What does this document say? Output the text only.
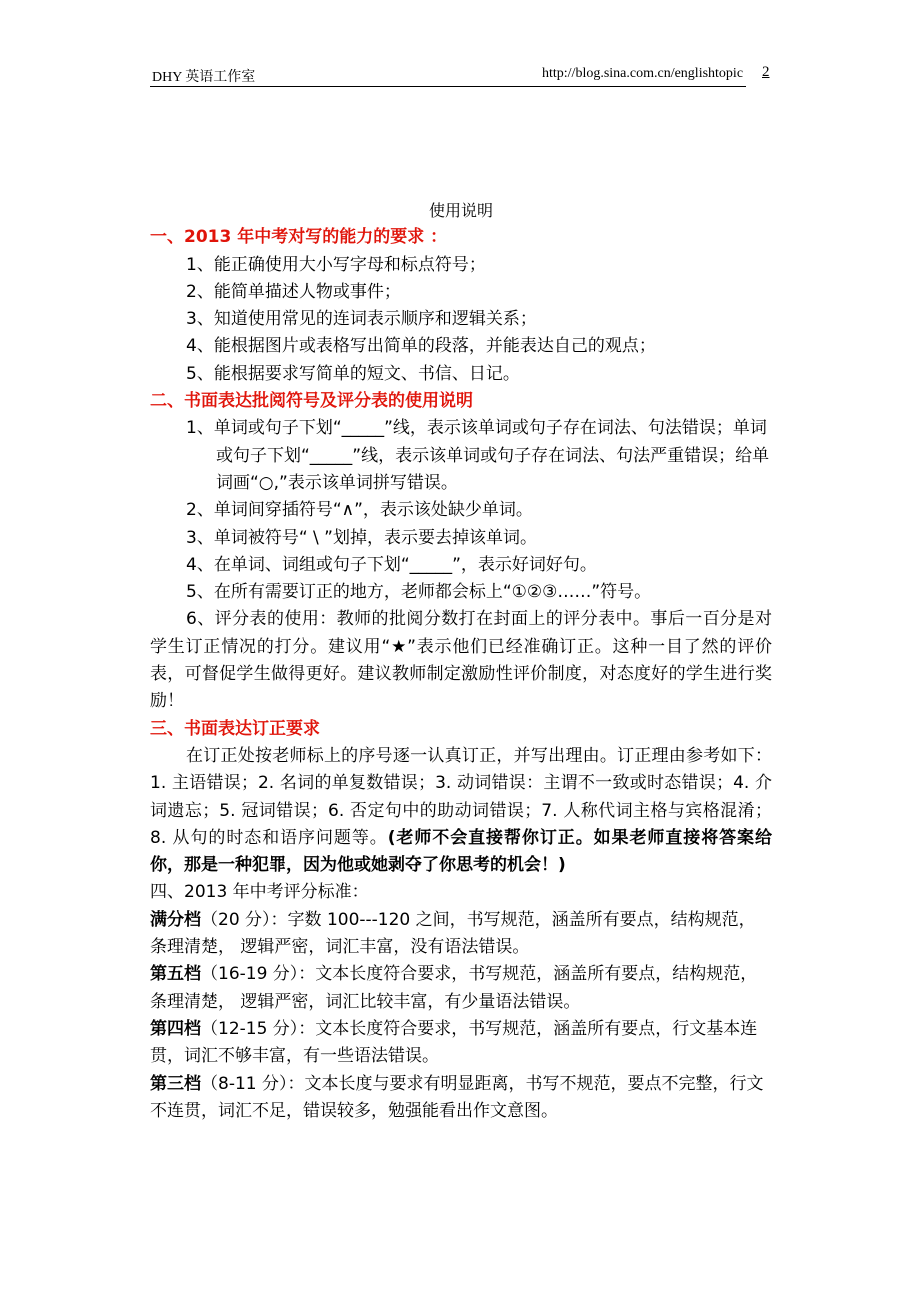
DHY 英语工作室	http://blog.sina.com.cn/englishtopic 2
使用说明
一、2013 年中考对写的能力的要求 ：
1、能正确使用大小写字母和标点符号；
2、能简单描述人物或事件；
3、知道使用常见的连词表示顺序和逻辑关系；
4、能根据图片或表格写出简单的段落，并能表达自己的观点；
5、能根据要求写简单的短文、书信、日记。
二、书面表达批阅符号及评分表的使用说明
1、单词或句子下划“_____”线，表示该单词或句子存在词法、句法错误；单词或句子下划“_____”线，表示该单词或句子存在词法、句法严重错误；给单词画“○,”表示该单词拼写错误。
2、单词间穿插符号“∧”，表示该处缺少单词。
3、单词被符号“ \ ”划掉，表示要去掉该单词。
4、在单词、词组或句子下划“_____”，表示好词好句。
5、在所有需要订正的地方，老师都会标上“①②③……”符号。
6、评分表的使用：教师的批阅分数打在封面上的评分表中。事后一百分是对学生订正情况的打分。建议用“★”表示他们已经准确订正。这种一目了然的评价表，可督促学生做得更好。建议教师制定激励性评价制度，对态度好的学生进行奖励！
三、书面表达订正要求
在订正处按老师标上的序号逐一认真订正，并写出理由。订正理由参考如下：1. 主语错误；2. 名词的单复数错误；3. 动词错误：主谓不一致或时态错误；4. 介词遗忘；5. 冠词错误；6. 否定句中的助动词错误；7. 人称代词主格与宾格混淆；8. 从句的时态和语序问题等。(老师不会直接帮你订正。如果老师直接将答案给你，那是一种犯罪，因为他或她剥夺了你思考的机会！)
四、2013 年中考评分标准：
满分档（20 分）：字数 100---120 之间，书写规范，涵盖所有要点，结构规范，条理清楚， 逻辑严密，词汇丰富，没有语法错误。
第五档（16-19 分）：文本长度符合要求，书写规范，涵盖所有要点，结构规范，条理清楚， 逻辑严密，词汇比较丰富，有少量语法错误。
第四档（12-15 分）：文本长度符合要求，书写规范，涵盖所有要点，行文基本连贯，词汇不够丰富，有一些语法错误。
第三档（8-11 分）：文本长度与要求有明显距离，书写不规范，要点不完整，行文不连贯，词汇不足，错误较多，勉强能看出作文意图。
